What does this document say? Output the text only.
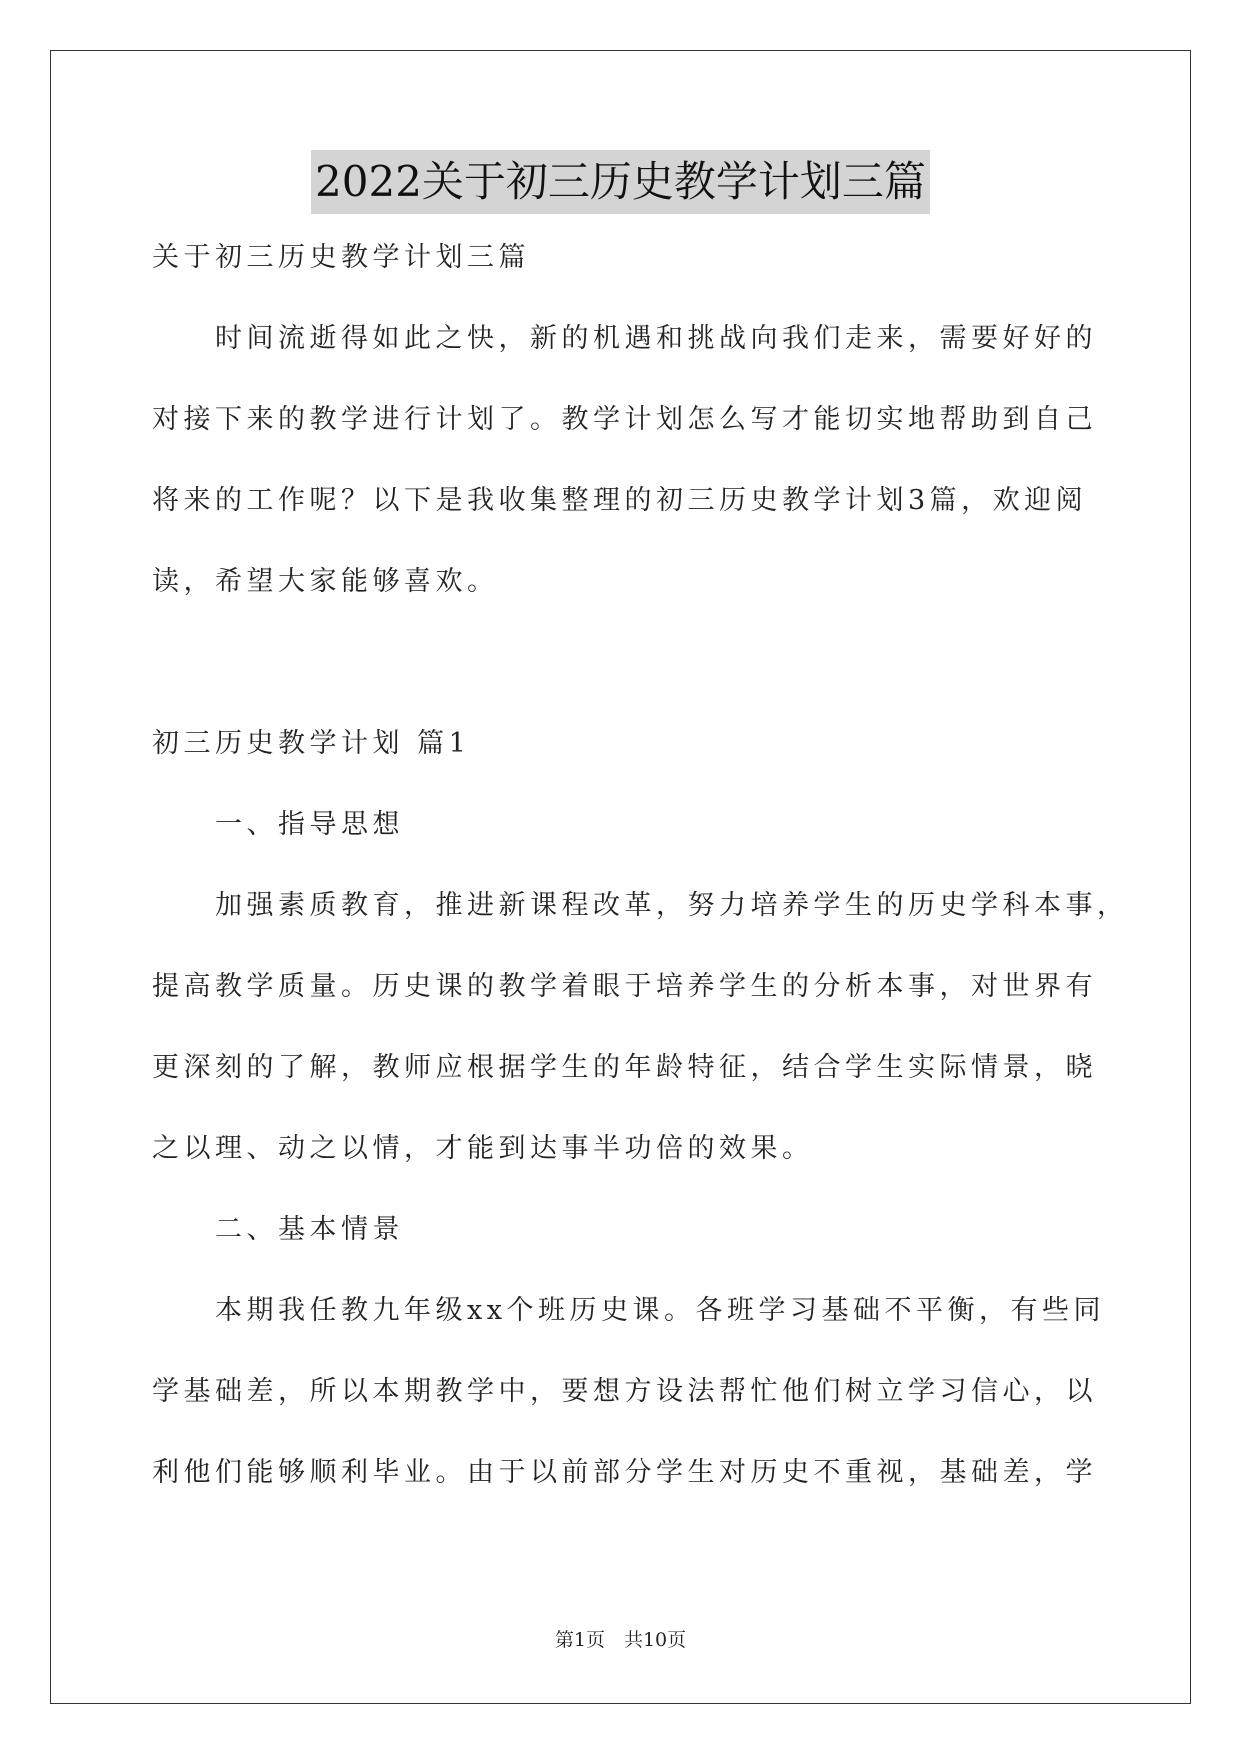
2022关于初三历史教学计划三篇
关于初三历史教学计划三篇
时间流逝得如此之快，新的机遇和挑战向我们走来，需要好好的
对接下来的教学进行计划了。教学计划怎么写才能切实地帮助到自己
将来的工作呢？以下是我收集整理的初三历史教学计划3篇，欢迎阅
读，希望大家能够喜欢。
初三历史教学计划 篇1
一、指导思想
加强素质教育，推进新课程改革，努力培养学生的历史学科本事，
提高教学质量。历史课的教学着眼于培养学生的分析本事，对世界有
更深刻的了解，教师应根据学生的年龄特征，结合学生实际情景，晓
之以理、动之以情，才能到达事半功倍的效果。
二、基本情景
本期我任教九年级xx个班历史课。各班学习基础不平衡，有些同
学基础差，所以本期教学中，要想方设法帮忙他们树立学习信心，以
利他们能够顺利毕业。由于以前部分学生对历史不重视，基础差，学
第1页　共10页
